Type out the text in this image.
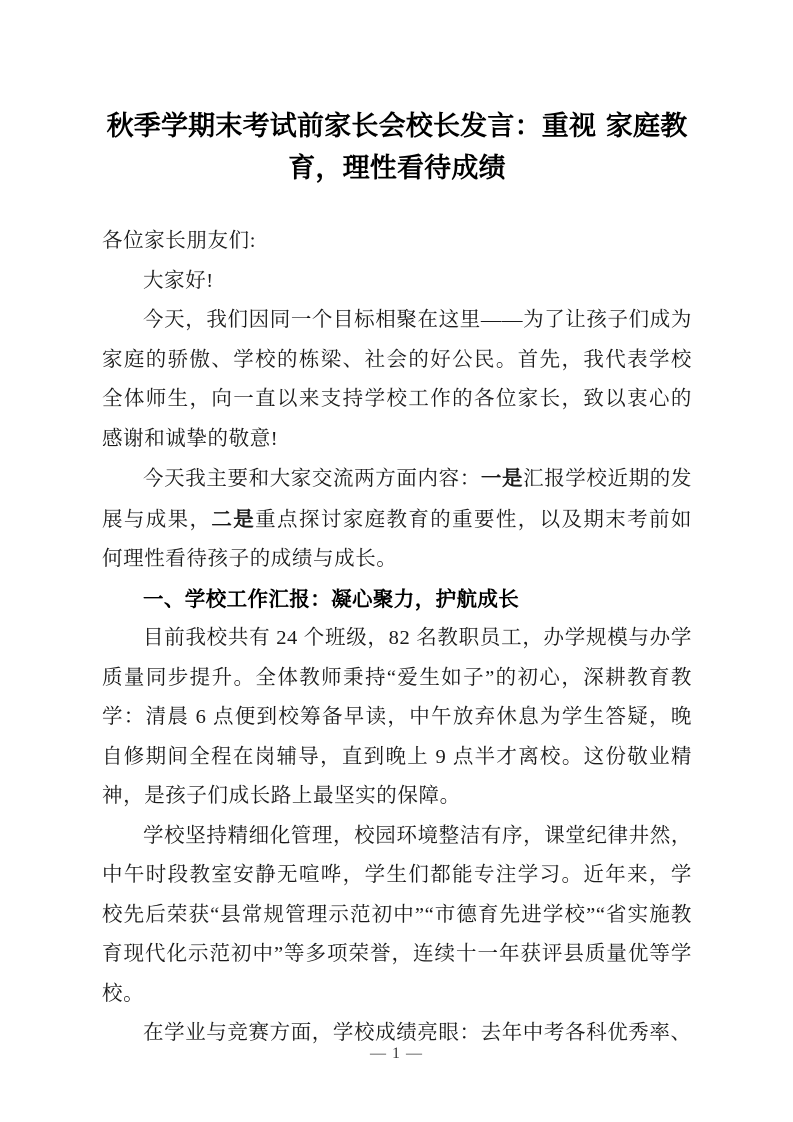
秋季学期末考试前家长会校长发言：重视 家庭教育，理性看待成绩

各位家长朋友们:

大家好!

今天，我们因同一个目标相聚在这里——为了让孩子们成为家庭的骄傲、学校的栋梁、社会的好公民。首先，我代表学校全体师生，向一直以来支持学校工作的各位家长，致以衷心的感谢和诚挚的敬意!

今天我主要和大家交流两方面内容：一是汇报学校近期的发展与成果，二是重点探讨家庭教育的重要性，以及期末考前如何理性看待孩子的成绩与成长。

一、学校工作汇报：凝心聚力，护航成长

目前我校共有 24 个班级，82 名教职员工，办学规模与办学质量同步提升。全体教师秉持“爱生如子”的初心，深耕教育教学：清晨 6 点便到校筹备早读，中午放弃休息为学生答疑，晚自修期间全程在岗辅导，直到晚上 9 点半才离校。这份敬业精神，是孩子们成长路上最坚实的保障。

学校坚持精细化管理，校园环境整洁有序，课堂纪律井然，中午时段教室安静无喧哗，学生们都能专注学习。近年来，学校先后荣获“县常规管理示范初中”“市德育先进学校”“省实施教育现代化示范初中”等多项荣誉，连续十一年获评县质量优等学校。

在学业与竞赛方面，学校成绩亮眼：去年中考各科优秀率、

— 1 —
